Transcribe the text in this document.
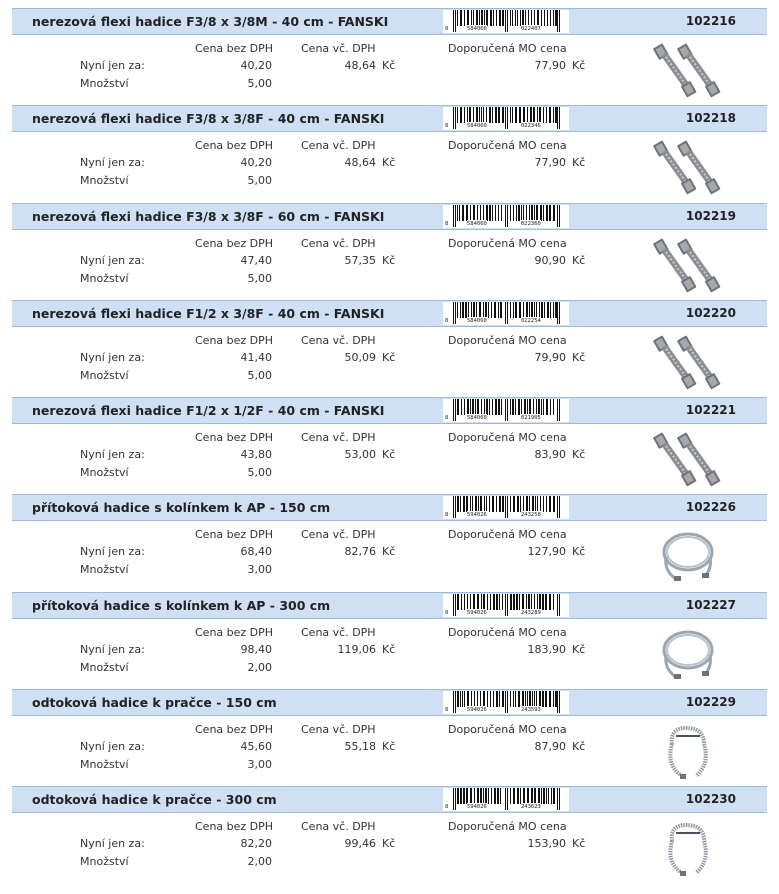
nerezová flexi hadice F3/8 x 3/8M - 40 cm - FANSKI	8	584060	022407
102216
Cena bez DPH	Cena vč. DPH	Doporučená MO cena
Nyní jen za:	40,20	48,64 Kč	77,90 Kč
Množství	5,00
nerezová flexi hadice F3/8 x 3/8F - 40 cm - FANSKI	8	584060	022346
102218
Cena bez DPH	Cena vč. DPH	Doporučená MO cena
Nyní jen za:	40,20	48,64 Kč	77,90 Kč
Množství	5,00
nerezová flexi hadice F3/8 x 3/8F - 60 cm - FANSKI	8	584060	022360
102219
Cena bez DPH	Cena vč. DPH	Doporučená MO cena
Nyní jen za:	47,40	57,35 Kč	90,90 Kč
Množství	5,00
nerezová flexi hadice F1/2 x 3/8F - 40 cm - FANSKI	8	584060	022254
102220
Cena bez DPH	Cena vč. DPH	Doporučená MO cena
Nyní jen za:	41,40	50,09 Kč	79,90 Kč
Množství	5,00
nerezová flexi hadice F1/2 x 1/2F - 40 cm - FANSKI	8	584060	021905
102221
Cena bez DPH	Cena vč. DPH	Doporučená MO cena
Nyní jen za:	43,80	53,00 Kč	83,90 Kč
Množství	5,00
přítoková hadice s kolínkem k AP - 150 cm	8	594026	243258
102226
Cena bez DPH	Cena vč. DPH	Doporučená MO cena
Nyní jen za:	68,40	82,76 Kč	127,90 Kč
Množství	3,00
přítoková hadice s kolínkem k AP - 300 cm	8	594026	243289
102227
Cena bez DPH	Cena vč. DPH	Doporučená MO cena
Nyní jen za:	98,40	119,06 Kč	183,90 Kč
Množství	2,00
odtoková hadice k pračce - 150 cm	8	594026	243593
102229
Cena bez DPH	Cena vč. DPH	Doporučená MO cena
Nyní jen za:	45,60	55,18 Kč	87,90 Kč
Množství	3,00
odtoková hadice k pračce - 300 cm	8	594026	243623
102230
Cena bez DPH	Cena vč. DPH	Doporučená MO cena
Nyní jen za:	82,20	99,46 Kč	153,90 Kč
Množství	2,00
